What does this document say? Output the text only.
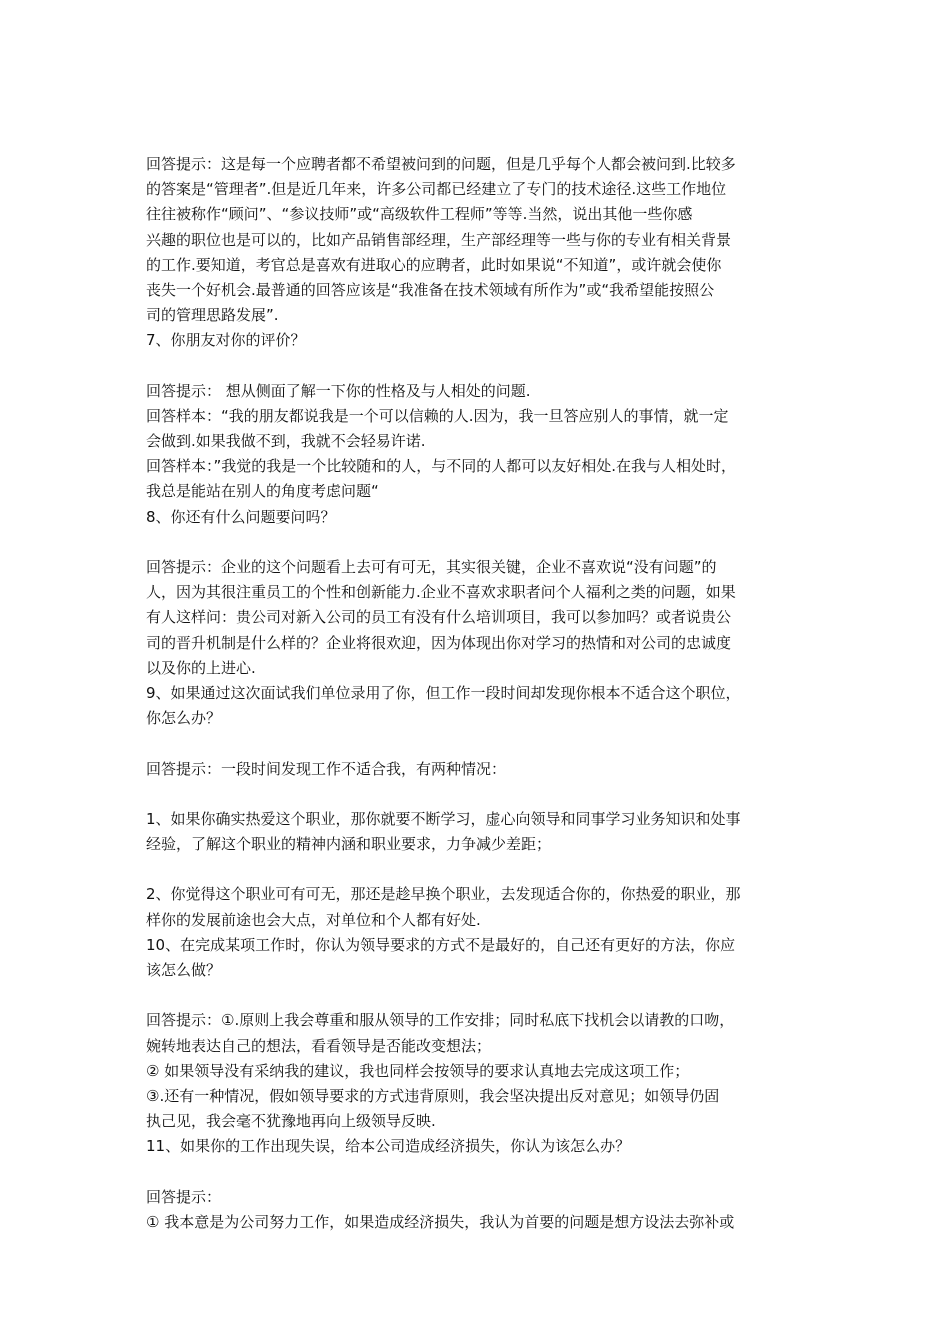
回答提示：这是每一个应聘者都不希望被问到的问题，但是几乎每个人都会被问到.比较多
的答案是“管理者”.但是近几年来，许多公司都已经建立了专门的技术途径.这些工作地位
往往被称作“顾问”、“参议技师”或“高级软件工程师”等等.当然，说出其他一些你感
兴趣的职位也是可以的，比如产品销售部经理，生产部经理等一些与你的专业有相关背景
的工作.要知道，考官总是喜欢有进取心的应聘者，此时如果说“不知道”，或许就会使你
丧失一个好机会.最普通的回答应该是“我准备在技术领域有所作为”或“我希望能按照公
司的管理思路发展”.
7、你朋友对你的评价？
回答提示： 想从侧面了解一下你的性格及与人相处的问题.
回答样本：“我的朋友都说我是一个可以信赖的人.因为，我一旦答应别人的事情，就一定
会做到.如果我做不到，我就不会轻易许诺.
回答样本：”我觉的我是一个比较随和的人，与不同的人都可以友好相处.在我与人相处时，
我总是能站在别人的角度考虑问题“
8、你还有什么问题要问吗？
回答提示：企业的这个问题看上去可有可无，其实很关键，企业不喜欢说“没有问题”的
人，因为其很注重员工的个性和创新能力.企业不喜欢求职者问个人福利之类的问题，如果
有人这样问：贵公司对新入公司的员工有没有什么培训项目，我可以参加吗？或者说贵公
司的晋升机制是什么样的？企业将很欢迎，因为体现出你对学习的热情和对公司的忠诚度
以及你的上进心.
9、如果通过这次面试我们单位录用了你，但工作一段时间却发现你根本不适合这个职位，
你怎么办？
回答提示：一段时间发现工作不适合我，有两种情况：
1、如果你确实热爱这个职业，那你就要不断学习，虚心向领导和同事学习业务知识和处事
经验，了解这个职业的精神内涵和职业要求，力争减少差距；
2、你觉得这个职业可有可无，那还是趁早换个职业，去发现适合你的，你热爱的职业，那
样你的发展前途也会大点，对单位和个人都有好处.
10、在完成某项工作时，你认为领导要求的方式不是最好的，自己还有更好的方法，你应
该怎么做？
回答提示：①.原则上我会尊重和服从领导的工作安排；同时私底下找机会以请教的口吻，
婉转地表达自己的想法，看看领导是否能改变想法；
② 如果领导没有采纳我的建议，我也同样会按领导的要求认真地去完成这项工作；
③.还有一种情况，假如领导要求的方式违背原则，我会坚决提出反对意见；如领导仍固
执己见，我会毫不犹豫地再向上级领导反映.
11、如果你的工作出现失误，给本公司造成经济损失，你认为该怎么办？
回答提示：
① 我本意是为公司努力工作，如果造成经济损失，我认为首要的问题是想方设法去弥补或
